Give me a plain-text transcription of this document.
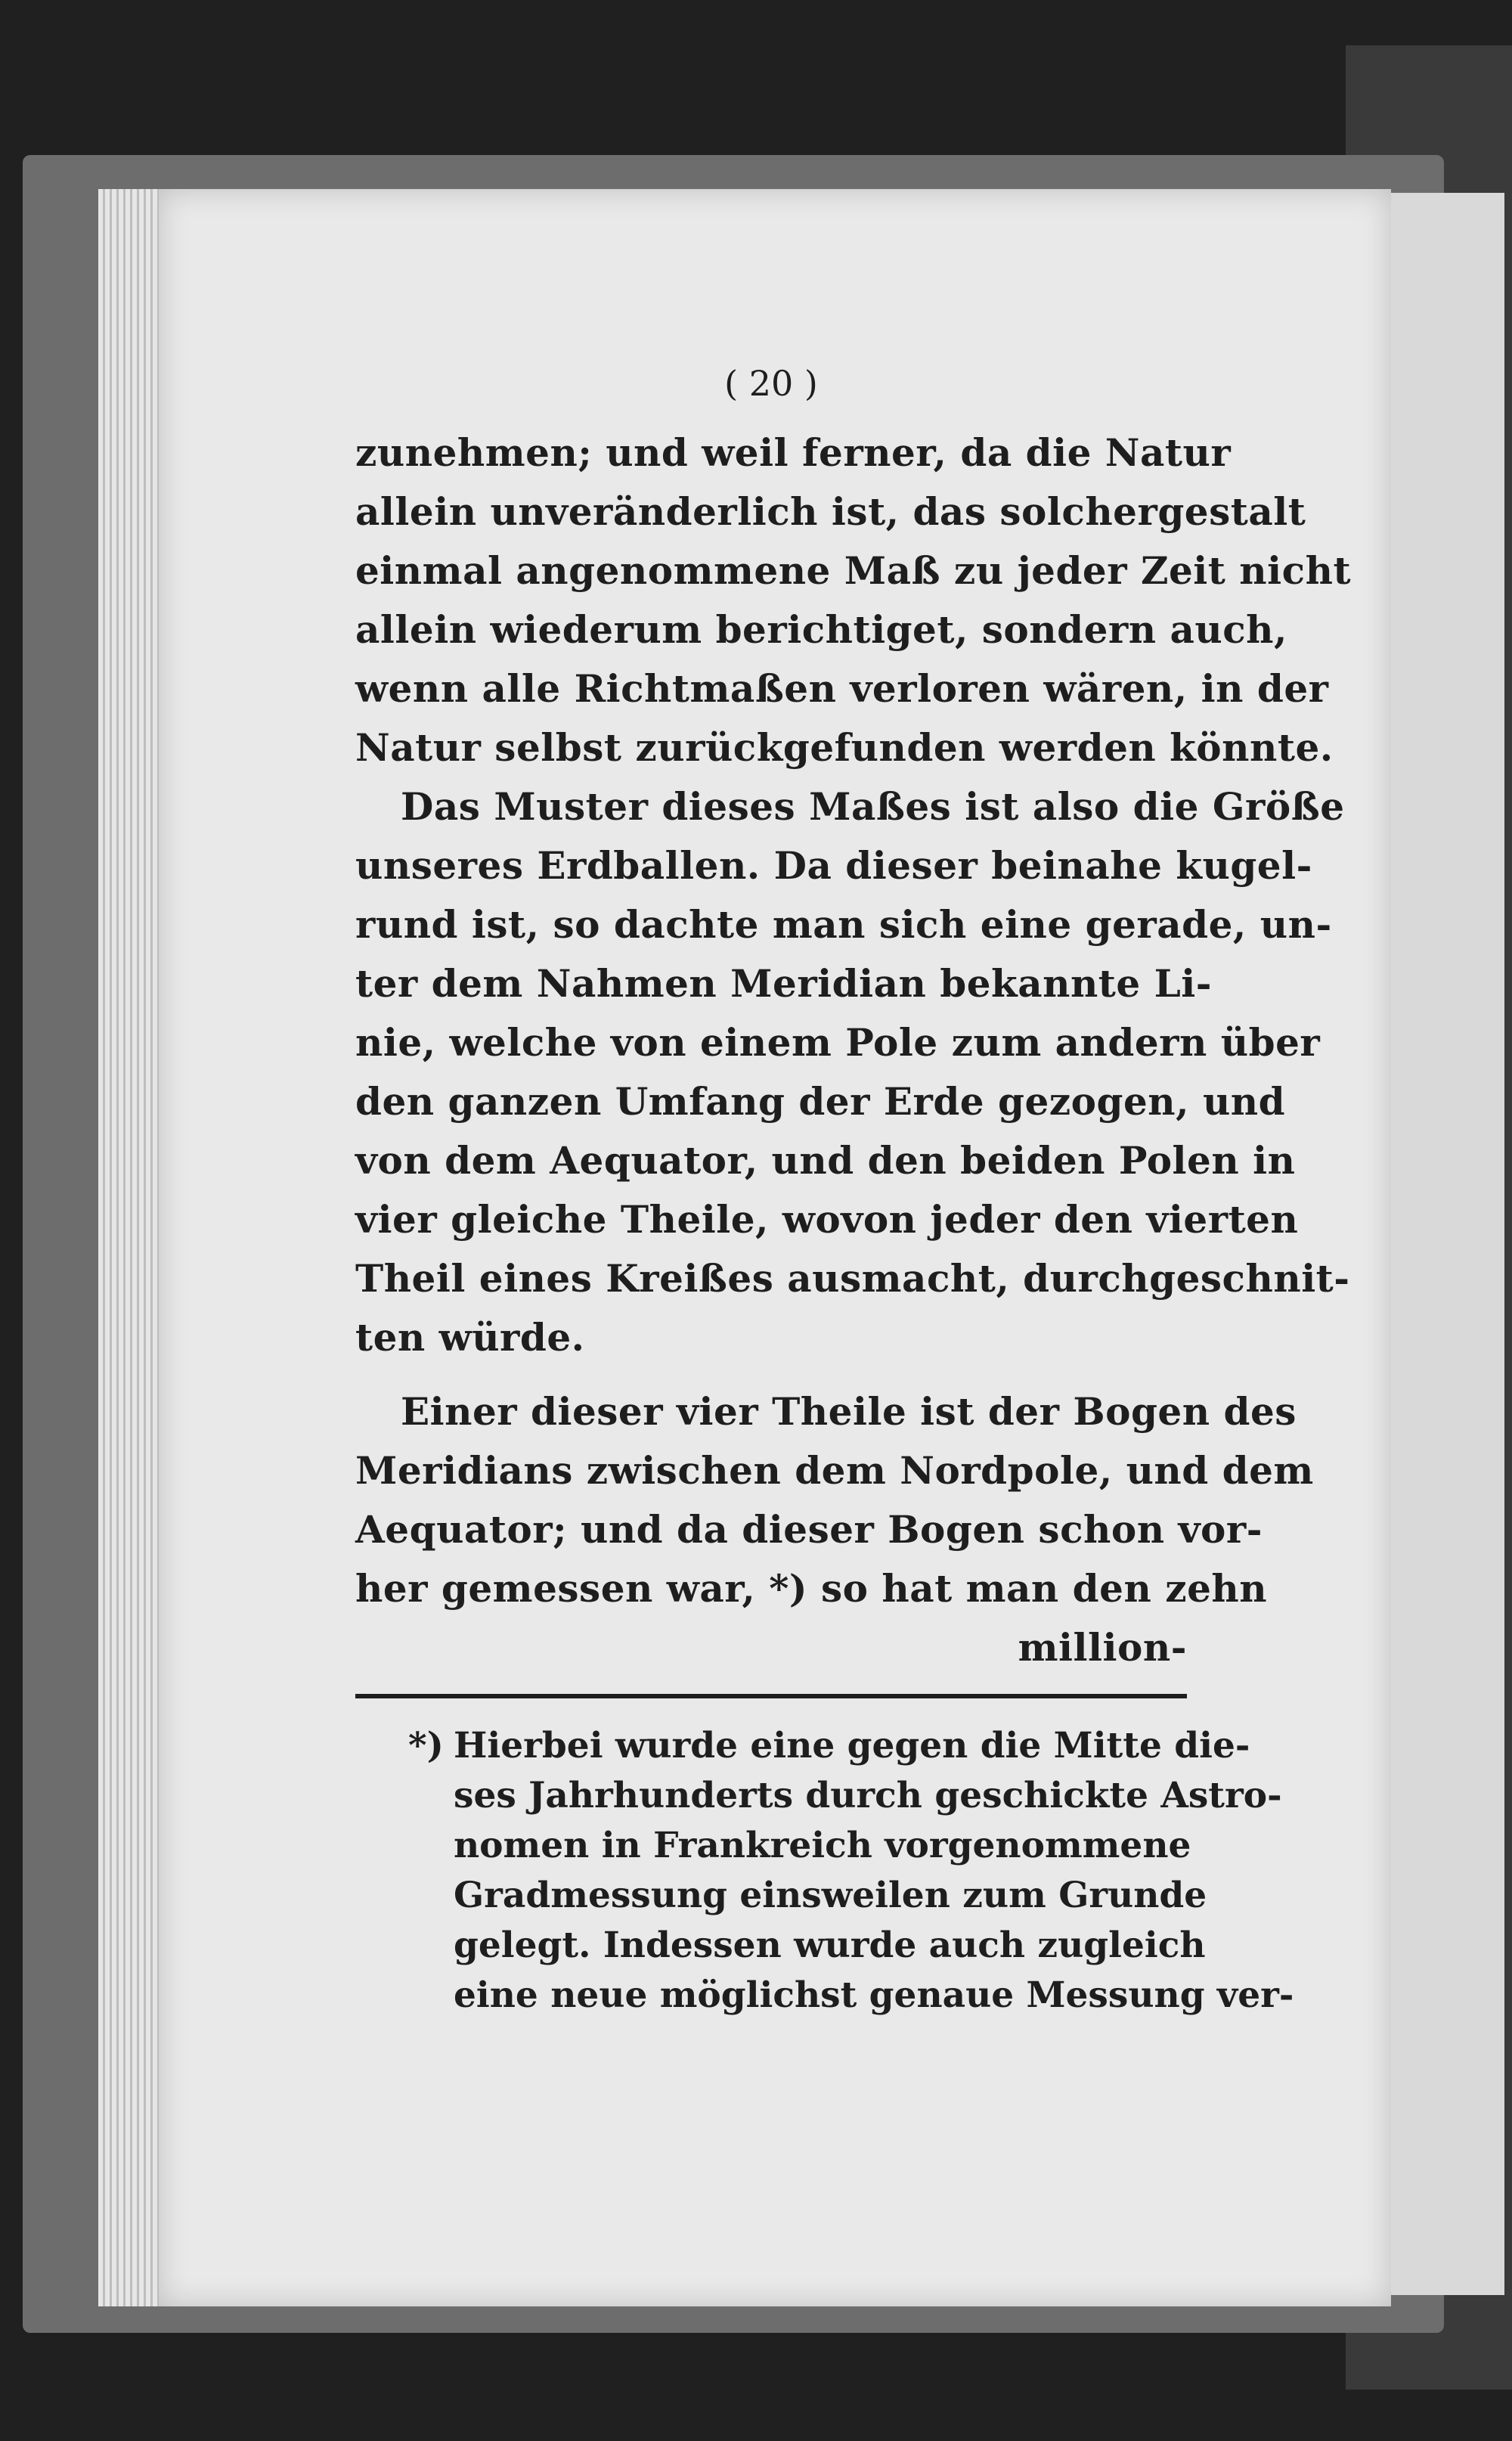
( 20 )
zunehmen; und weil ferner, da die Natur
allein unveränderlich ist, das solchergestalt
einmal angenommene Maß zu jeder Zeit nicht
allein wiederum berichtiget, sondern auch,
wenn alle Richtmaßen verloren wären, in der
Natur selbst zurückgefunden werden könnte.
Das Muster dieses Maßes ist also die Größe
unseres Erdballen. Da dieser beinahe kugel-
rund ist, so dachte man sich eine gerade, un-
ter dem Nahmen Meridian bekannte Li-
nie, welche von einem Pole zum andern über
den ganzen Umfang der Erde gezogen, und
von dem Aequator, und den beiden Polen in
vier gleiche Theile, wovon jeder den vierten
Theil eines Kreißes ausmacht, durchgeschnit-
ten würde.
Einer dieser vier Theile ist der Bogen des
Meridians zwischen dem Nordpole, und dem
Aequator; und da dieser Bogen schon vor-
her gemessen war, *) so hat man den zehn
million-
*) Hierbei wurde eine gegen die Mitte die-
ses Jahrhunderts durch geschickte Astro-
nomen in Frankreich vorgenommene
Gradmessung einsweilen zum Grunde
gelegt. Indessen wurde auch zugleich
eine neue möglichst genaue Messung ver-
